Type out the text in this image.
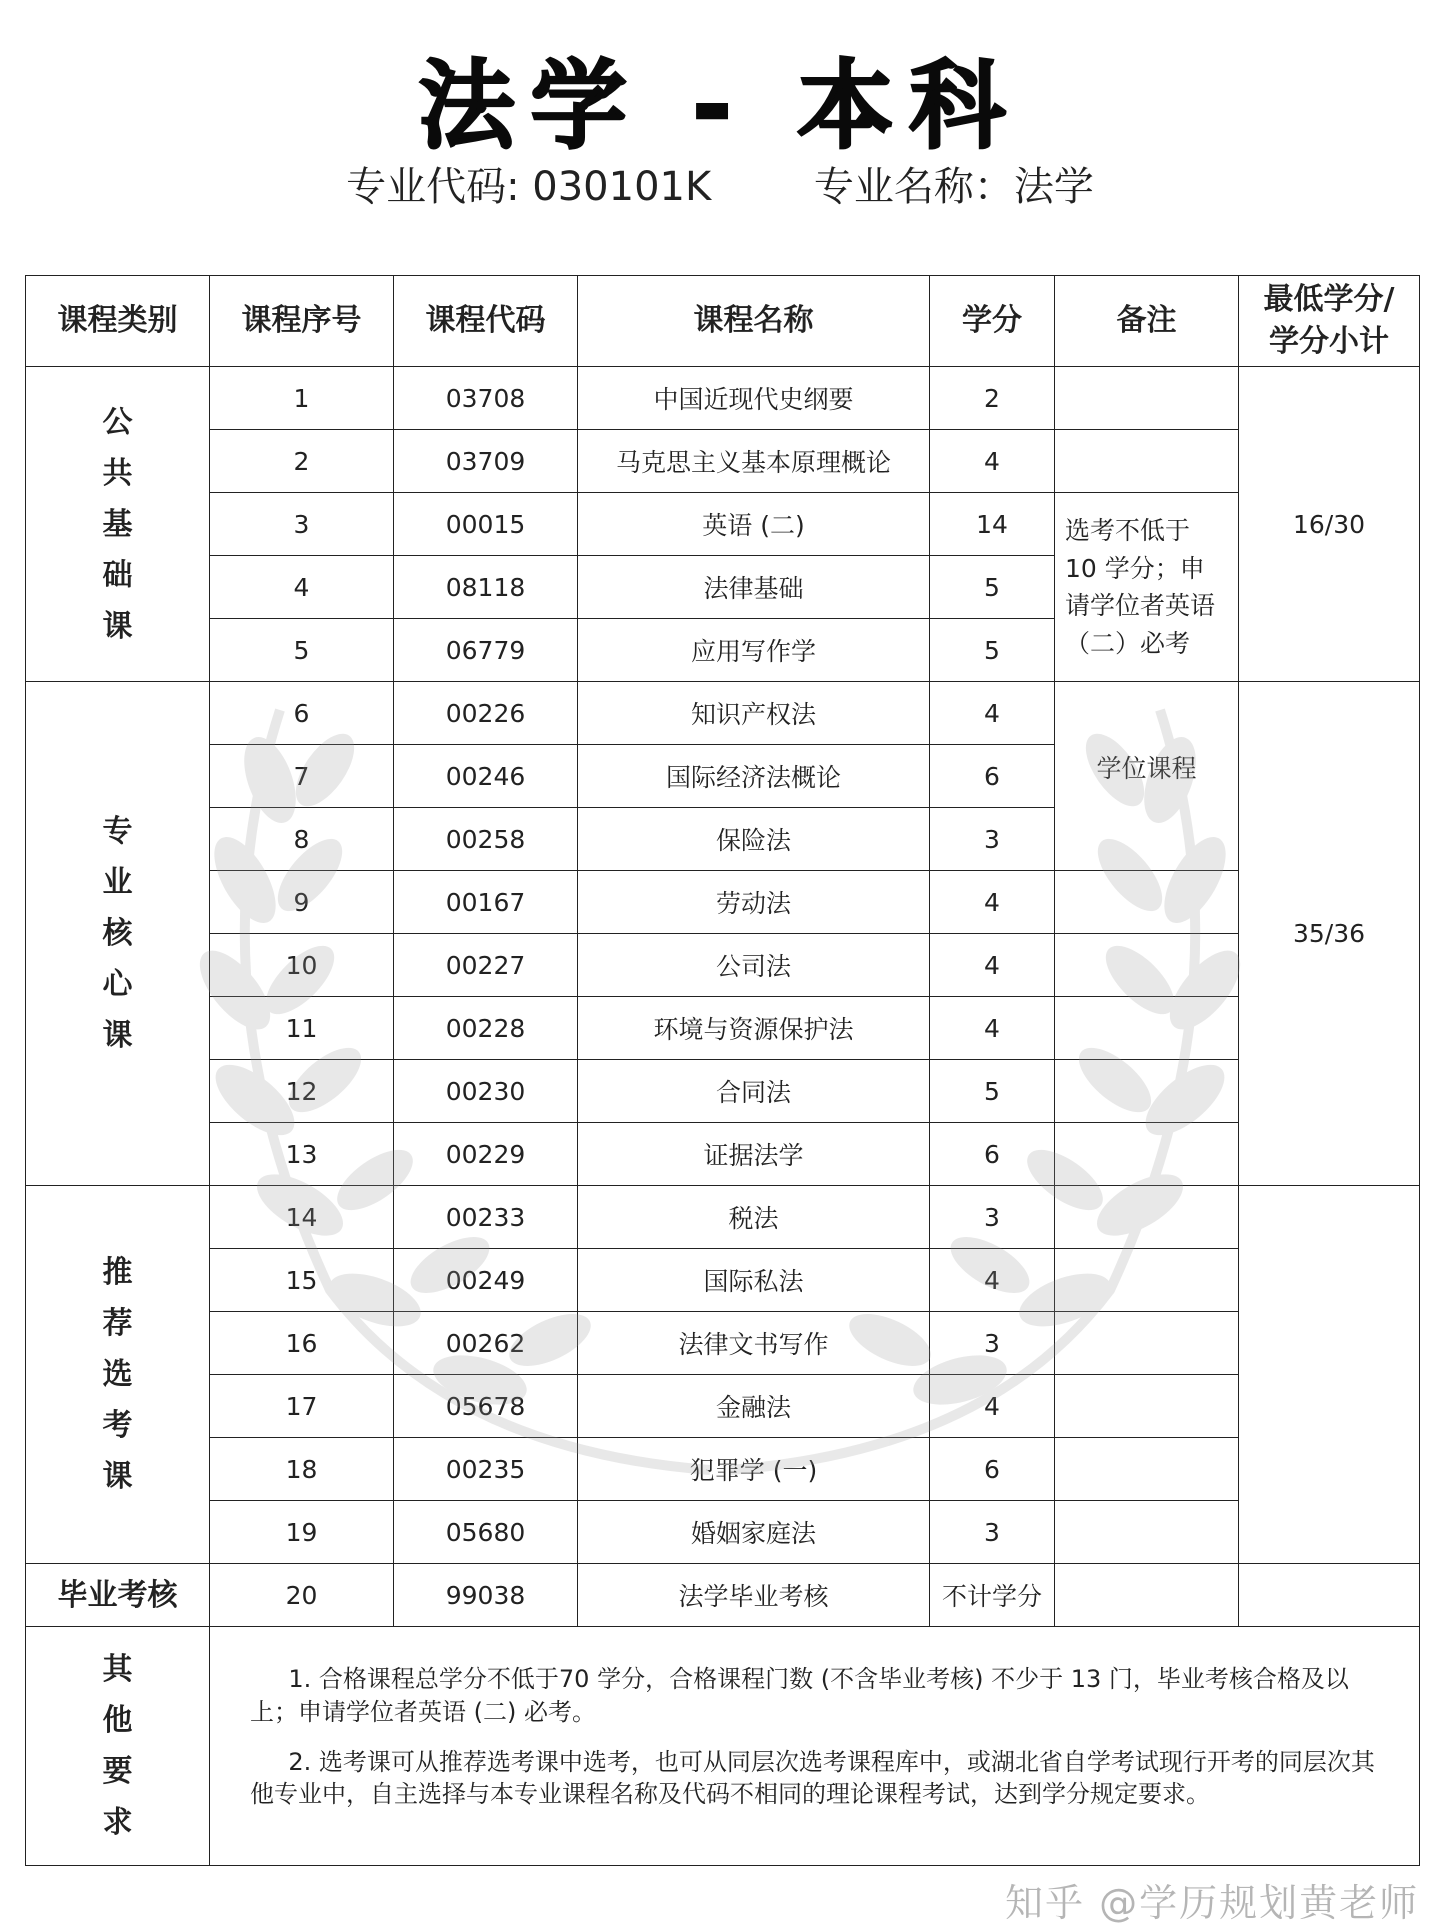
法学 - 本科
专业代码: 030101K	专业名称：法学
课程类别	课程序号	课程代码	课程名称	学分	备注	最低学分/学分小计
公共基础课	1	03708	中国近现代史纲要	2		16/30
	2	03709	马克思主义基本原理概论	4		
	3	00015	英语 (二)	14	选考不低于 10 学分；申请学位者英语（二）必考	

	4	08118	法律基础	5		
	5	06779	应用写作学	5		
专业核心课	6	00226	知识产权法	4	学位课程	35/36
	7	00246	国际经济法概论	6		
	8	00258	保险法	3		
	9	00167	劳动法	4		
	10	00227	公司法	4		
	11	00228	环境与资源保护法	4		
	12	00230	合同法	5		
	13	00229	证据法学	6		
推荐选考课	14	00233	税法	3		
	15	00249	国际私法	4		
	16	00262	法律文书写作	3		
	17	05678	金融法	4		
	18	00235	犯罪学 (一)	6		
	19	05680	婚姻家庭法	3		
毕业考核	20	99038	法学毕业考核	不计学分		
其他要求	1. 合格课程总学分不低于70 学分，合格课程门数 (不含毕业考核) 不少于 13 门，毕业考核合格及以上；申请学位者英语 (二) 必考。

2. 选考课可从推荐选考课中选考，也可从同层次选考课程库中，或湖北省自学考试现行开考的同层次其他专业中，自主选择与本专业课程名称及代码不相同的理论课程考试，达到学分规定要求。					

知乎 @学历规划黄老师
